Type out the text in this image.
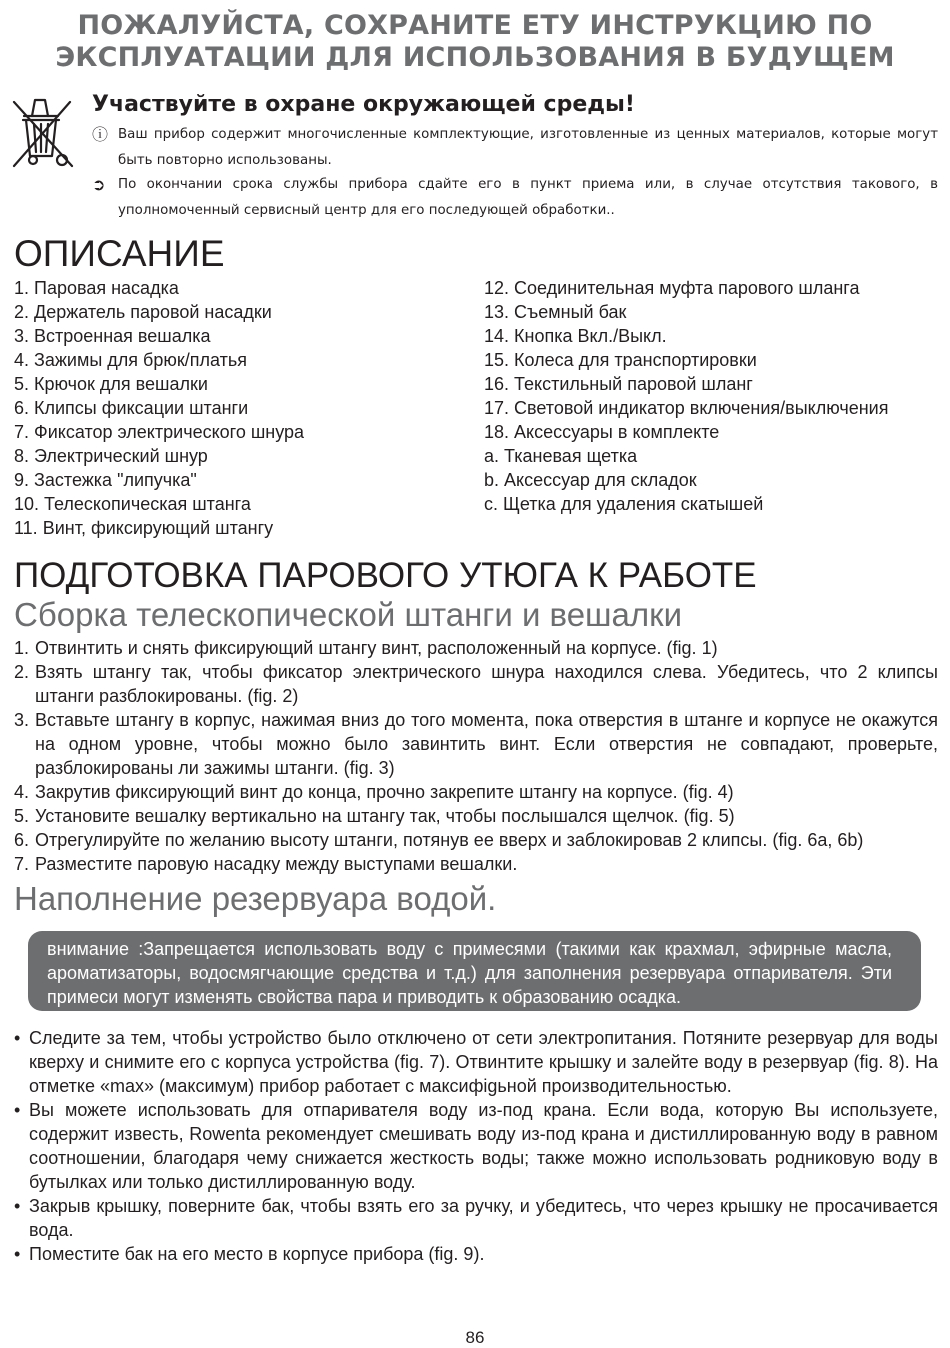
ПОЖАЛУЙСТА, СОХРАНИТЕ ЕТУ ИНСТРУКЦИЮ ПО
ЭКСПЛУАТАЦИИ ДЛЯ ИСПОЛЬЗОВАНИЯ В БУДУЩЕМ
Участвуйте в охране окружающей среды!
ⓘ Ваш прибор содержит многочисленные комплектующие, изготовленные из ценных материалов, которые могут быть повторно использованы.
➲ По окончании срока службы прибора сдайте его в пункт приема или, в случае отсутствия такового, в уполномоченный сервисный центр для его последующей обработки..
ОПИСАНИЕ
1. Паровая насадка
2. Держатель паровой насадки
3. Встроенная вешалка
4. Зажимы для брюк/платья
5. Крючок для вешалки
6. Клипсы фиксации штанги
7. Фиксатор электрического шнура
8. Электрический шнур
9. Застежка "липучка"
10. Телескопическая штанга
11. Винт, фиксирующий штангу
12. Соединительная муфта парового шланга
13. Съемный бак
14. Кнопка Вкл./Выкл.
15. Колеса для транспортировки
16. Текстильный паровой шланг
17. Световой индикатор включения/выключения
18. Аксессуары в комплекте
a. Тканевая щетка
b. Аксессуар для складок
c. Щетка для удаления скатышей
ПОДГОТОВКА ПАРОВОГО УТЮГА К РАБОТЕ
Сборка телескопической штанги и вешалки
1. Отвинтить и снять фиксирующий штангу винт, расположенный на корпусе. (fig. 1)
2. Взять штангу так, чтобы фиксатор электрического шнура находился слева. Убедитесь, что 2 клипсы штанги разблокированы. (fig. 2)
3. Вставьте штангу в корпус, нажимая вниз до того момента, пока отверстия в штанге и корпусе не окажутся на одном уровне, чтобы можно было завинтить винт. Если отверстия не совпадают, проверьте, разблокированы ли зажимы штанги. (fig. 3)
4. Закрутив фиксирующий винт до конца, прочно закрепите штангу на корпусе. (fig. 4)
5. Установите вешалку вертикально на штангу так, чтобы послышался щелчок. (fig. 5)
6. Отрегулируйте по желанию высоту штанги, потянув ее вверх и заблокировав 2 клипсы. (fig. 6a, 6b)
7. Разместите паровую насадку между выступами вешалки.
Наполнение резервуара водой.
внимание :Запрещается использовать воду с примесями (такими как крахмал, эфирные масла, ароматизаторы, водосмягчающие средства и т.д.) для заполнения резервуара отпаривателя. Эти примеси могут изменять свойства пара и приводить к образованию осадка.
• Следите за тем, чтобы устройство было отключено от сети электропитания. Потяните резервуар для воды кверху и снимите его с корпуса устройства (fig. 7). Отвинтите крышку и залейте воду в резервуар (fig. 8). На отметке «max» (максимум) прибор работает с максифigьной производительностью.
• Вы можете использовать для отпаривателя воду из-под крана. Если вода, которую Вы используете, содержит известь, Rowenta рекомендует смешивать воду из-под крана и дистиллированную воду в равном соотношении, благодаря чему снижается жесткость воды; также можно использовать родниковую воду в бутылках или только дистиллированную воду.
• Закрыв крышку, поверните бак, чтобы взять его за ручку, и убедитесь, что через крышку не просачивается вода.
• Поместите бак на его место в корпусе прибора (fig. 9).
86
